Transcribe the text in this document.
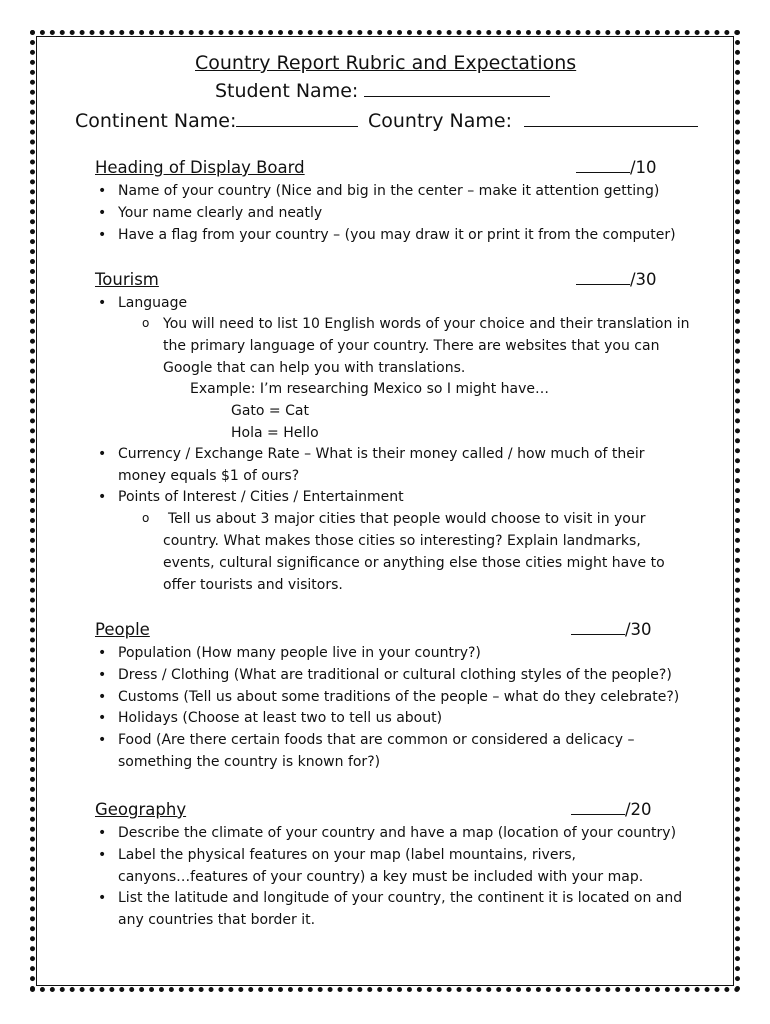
Country Report Rubric and Expectations
Student Name:
Continent Name:	Country Name:
Heading of Display Board	/10
• Name of your country (Nice and big in the center – make it attention getting)
• Your name clearly and neatly
• Have a flag from your country – (you may draw it or print it from the computer)
Tourism	/30
• Language
o You will need to list 10 English words of your choice and their translation in
the primary language of your country. There are websites that you can
Google that can help you with translations.
Example: I’m researching Mexico so I might have…
Gato = Cat
Hola = Hello
• Currency / Exchange Rate – What is their money called / how much of their
money equals $1 of ours?
• Points of Interest / Cities / Entertainment
o Tell us about 3 major cities that people would choose to visit in your
country. What makes those cities so interesting? Explain landmarks,
events, cultural significance or anything else those cities might have to
offer tourists and visitors.
People	/30
• Population (How many people live in your country?)
• Dress / Clothing (What are traditional or cultural clothing styles of the people?)
• Customs (Tell us about some traditions of the people – what do they celebrate?)
• Holidays (Choose at least two to tell us about)
• Food (Are there certain foods that are common or considered a delicacy –
something the country is known for?)
Geography	/20
• Describe the climate of your country and have a map (location of your country)
• Label the physical features on your map (label mountains, rivers,
canyons…features of your country) a key must be included with your map.
• List the latitude and longitude of your country, the continent it is located on and
any countries that border it.
